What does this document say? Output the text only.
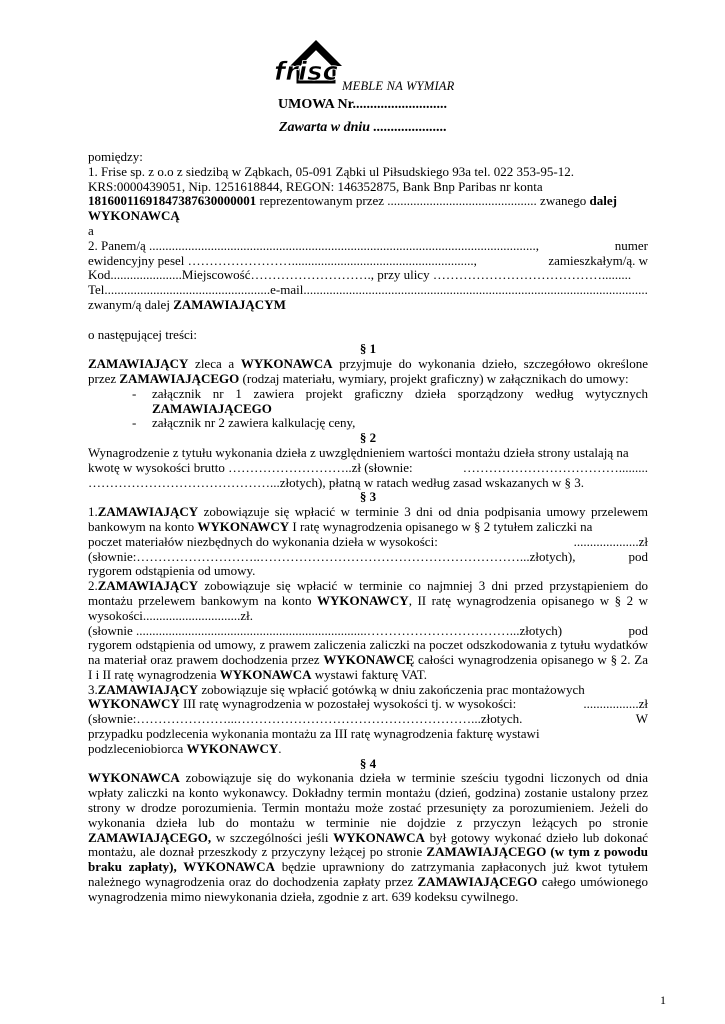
frisc MEBLE NA WYMIAR
UMOWA Nr...........................
Zawarta w dniu .....................

pomiędzy:

1. Frise sp. z o.o z siedzibą w Ząbkach, 05-091 Ząbki ul Piłsudskiego 93a tel. 022 353-95-12.
KRS:0000439051, Nip. 1251618844, REGON: 146352875, Bank Bnp Paribas nr konta
18160011691847387630000001 reprezentowanym przez .............................................. zwanego dalej
WYKONAWCĄ

a

2. Panem/ą .......................................................................................................................,	numer
ewidencyjny pesel ……………………........................................................,	zamieszkałym/ą. w

Kod......................Miejscowość………………………., przy ulicy ………………………………….........

Tel...................................................e-mail..........................................................................................................

zwanym/ą dalej ZAMAWIAJĄCYM

o następującej treści:

§ 1

ZAMAWIAJĄCY zleca a WYKONAWCA przyjmuje do wykonania dzieło, szczegółowo określone przez ZAMAWIAJĄCEGO (rodzaj materiału, wymiary, projekt graficzny) w załącznikach do umowy:

- załącznik nr 1 zawiera projekt graficzny dzieła sporządzony według wytycznych ZAMAWIAJĄCEGO
- załącznik nr 2 zawiera kalkulację ceny,

§ 2

Wynagrodzenie z tytułu wykonania dzieła z uwzględnieniem wartości montażu dzieła strony ustalają na

kwotę w wysokości brutto ………………………..zł (słownie:	……………………………….........

……………………………………...złotych), płatną w ratach według zasad wskazanych w § 3.

§ 3

1.ZAMAWIAJĄCY zobowiązuje się wpłacić w terminie 3 dni od dnia podpisania umowy przelewem bankowym na konto WYKONAWCY I ratę wynagrodzenia opisanego w § 2 tytułem zaliczki na

poczet materiałów niezbędnych do wykonania dzieła w wysokości:	....................zł
(słownie:………………………..……………………………………………………...złotych),	pod

rygorem odstąpienia od umowy.

2.ZAMAWIAJĄCY zobowiązuje się wpłacić w terminie co najmniej 3 dni przed przystąpieniem do montażu przelewem bankowym na konto WYKONAWCY, II ratę wynagrodzenia opisanego w § 2 w wysokości..............................zł.

(słownie .......................................................................……………………………...złotych)	pod

rygorem odstąpienia od umowy, z prawem zaliczenia zaliczki na poczet odszkodowania z tytułu wydatków na materiał oraz prawem dochodzenia przez WYKONAWCĘ całości wynagrodzenia opisanego w § 2. Za I i II ratę wynagrodzenia WYKONAWCA wystawi fakturę VAT.

3.ZAMAWIAJĄCY zobowiązuje się wpłacić gotówką w dniu zakończenia prac montażowych

WYKONAWCY III ratę wynagrodzenia w pozostałej wysokości tj. w wysokości:	.................zł
(słownie:…………………...………………………………………………...złotych.	W

przypadku podzlecenia wykonania montażu za III ratę wynagrodzenia fakturę wystawi

podzleceniobiorca WYKONAWCY.

§ 4

WYKONAWCA zobowiązuje się do wykonania dzieła w terminie sześciu tygodni liczonych od dnia wpłaty zaliczki na konto wykonawcy. Dokładny termin montażu (dzień, godzina) zostanie ustalony przez strony w drodze porozumienia. Termin montażu może zostać przesunięty za porozumieniem. Jeżeli do wykonania dzieła lub do montażu w terminie nie dojdzie z przyczyn leżących po stronie ZAMAWIAJĄCEGO, w szczególności jeśli WYKONAWCA był gotowy wykonać dzieło lub dokonać montażu, ale doznał przeszkody z przyczyny leżącej po stronie ZAMAWIAJĄCEGO (w tym z powodu braku zapłaty), WYKONAWCA będzie uprawniony do zatrzymania zapłaconych już kwot tytułem należnego wynagrodzenia oraz do dochodzenia zapłaty przez ZAMAWIAJĄCEGO całego umówionego wynagrodzenia mimo niewykonania dzieła, zgodnie z art. 639 kodeksu cywilnego.

1
